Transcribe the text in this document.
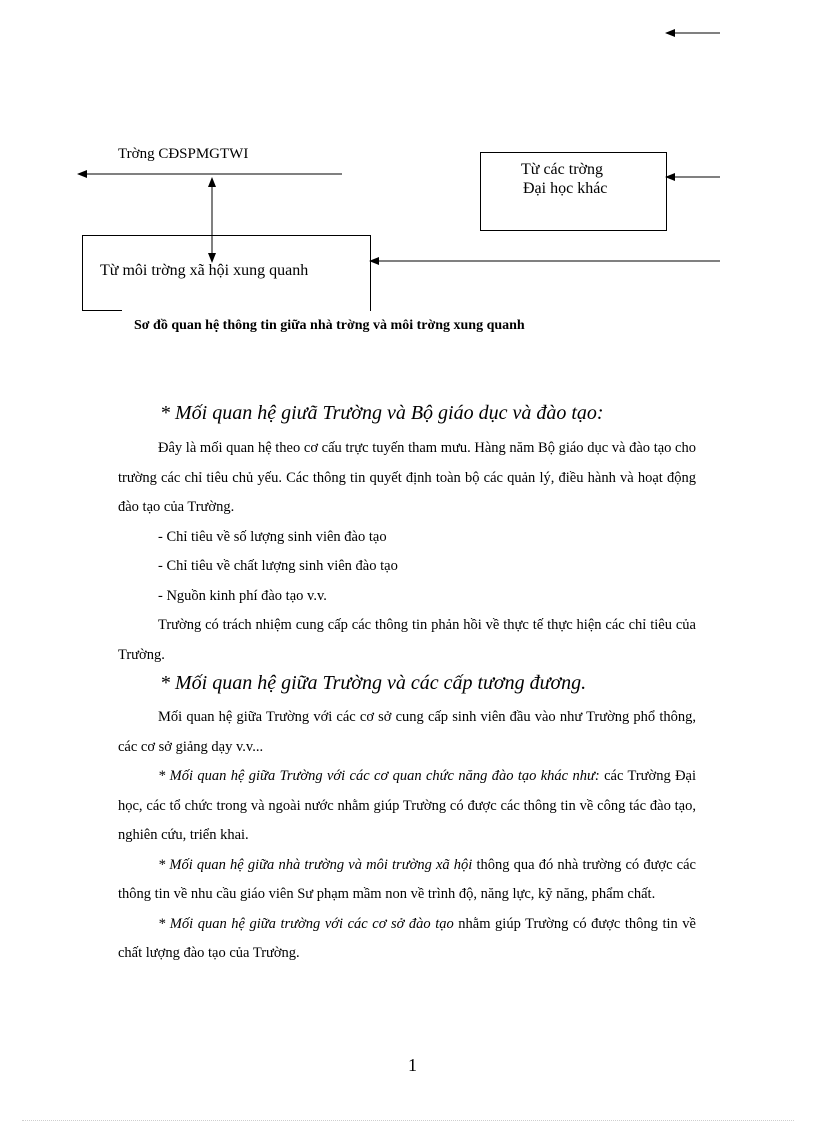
Trờng CĐSPMGTWI
Từ các trờng
Đại học khác
Từ môi trờng xã hội xung quanh
Sơ đồ quan hệ thông tin giữa nhà trờng và môi trờng xung quanh
* Mối quan hệ giưã Trường và Bộ giáo dục và đào tạo:

Đây là mối quan hệ theo cơ cấu trực tuyến tham mưu. Hàng năm Bộ giáo dục và đào tạo cho trường các chỉ tiêu chủ yếu. Các thông tin quyết định toàn bộ các quản lý, điều hành và hoạt động đào tạo của Trường.

- Chỉ tiêu về số lượng sinh viên đào tạo

- Chỉ tiêu về chất lượng sinh viên đào tạo

- Nguồn kinh phí đào tạo v.v.

Trường có trách nhiệm cung cấp các thông tin phản hồi về thực tế thực hiện các chỉ tiêu của Trường.

* Mối quan hệ giữa Trường và các cấp tương đương.

Mối quan hệ giữa Trường với các cơ sở cung cấp sinh viên đầu vào như Trường phổ thông, các cơ sở giảng dạy v.v...

* Mối quan hệ giữa Trường với các cơ quan chức năng đào tạo khác như: các Trường Đại học, các tổ chức trong và ngoài nước nhằm giúp Trường có được các thông tin về công tác đào tạo, nghiên cứu, triển khai.

* Mối quan hệ giữa nhà trường và môi trường xã hội thông qua đó nhà trường có được các thông tin về nhu cầu giáo viên Sư phạm mầm non về trình độ, năng lực, kỹ năng, phẩm chất.

* Mối quan hệ giữa trường với các cơ sở đào tạo nhằm giúp Trường có được thông tin về chất lượng đào tạo của Trường.

1
